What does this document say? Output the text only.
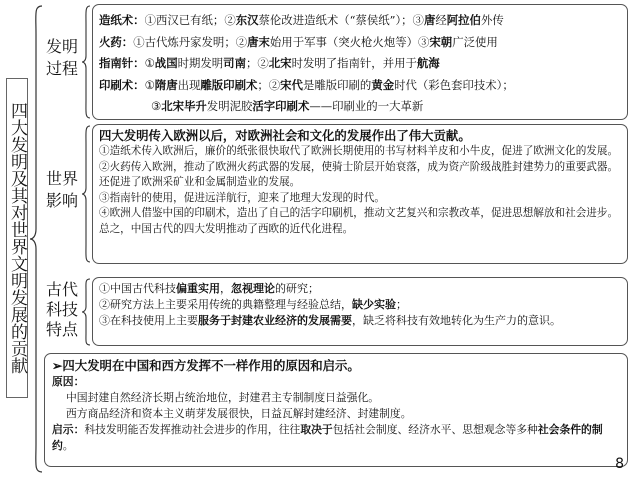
四大发明及其对世界文明发展的贡献
发明过程
世界影响
古代科技特点
造纸术：①西汉已有纸；②东汉蔡伦改进造纸术（“蔡侯纸”）；③唐经阿拉伯外传
火药：①古代炼丹家发明；②唐末始用于军事（突火枪火炮等）③宋朝广泛使用
指南针：①战国时期发明司南；②北宋时发明了指南针，并用于航海
印刷术：①隋唐出现雕版印刷术；②宋代是雕版印刷的黄金时代（彩色套印技术）；
③北宋毕升发明泥胶活字印刷术——印刷业的一大革新
四大发明传入欧洲以后，对欧洲社会和文化的发展作出了伟大贡献。
①造纸术传入欧洲后，廉价的纸张很快取代了欧洲长期使用的书写材料羊皮和小牛皮，促进了欧洲文化的发展。
②火药传入欧洲，推动了欧洲火药武器的发展，使骑士阶层开始衰落，成为资产阶级战胜封建势力的重要武器。还促进了欧洲采矿业和金属制造业的发展。
③指南针的使用，促进远洋航行，迎来了地理大发现的时代。
④欧洲人借鉴中国的印刷术，造出了自己的活字印刷机，推动文艺复兴和宗教改革，促进思想解放和社会进步。
总之，中国古代的四大发明推动了西欧的近代化进程。
①中国古代科技偏重实用，忽视理论的研究；
②研究方法上主要采用传统的典籍整理与经验总结，缺少实验；
③在科技使用上主要服务于封建农业经济的发展需要，缺乏将科技有效地转化为生产力的意识。
➢四大发明在中国和西方发挥不一样作用的原因和启示。
原因：
中国封建自然经济长期占统治地位，封建君主专制制度日益强化。
西方商品经济和资本主义萌芽发展很快，日益瓦解封建经济、封建制度。
启示：科技发明能否发挥推动社会进步的作用，往往取决于包括社会制度、经济水平、思想观念等多种社会条件的制约。
8
